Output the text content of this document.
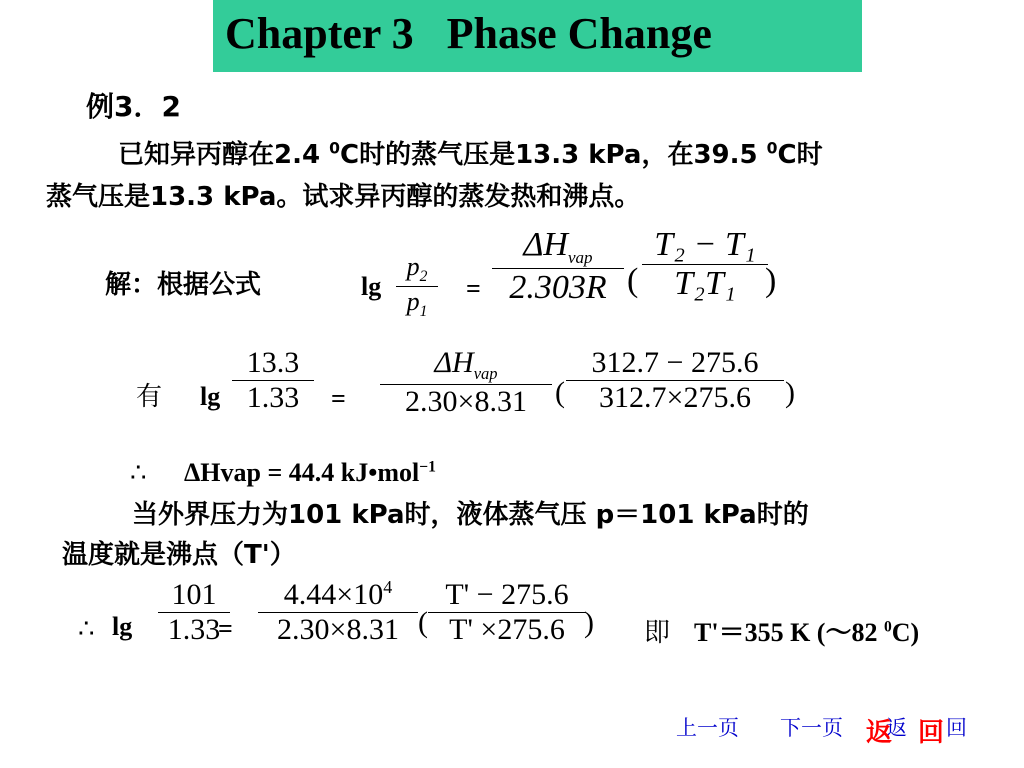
Chapter 3   Phase Change
例3．2
已知异丙醇在2.4 $^0$C时的蒸气压是13.3 kPa，在39.5 $^0$C时
蒸气压是13.3 kPa。试求异丙醇的蒸发热和沸点。
解：根据公式	$\lg \frac{p_2}{p_1}$ =
$\Delta H_{vap}$
2.303R ( $\frac{\text{T₂ − T₁}}{\text{T₂T₁}}$
)
有 $\lg \frac{13.3}{1.33}$ =
$\Delta H_{vap}$
2.30×8.31 ( $\frac{312.7 - 275.6}{312.7\times 275.6}$ )
∴ ΔHvap = 44.4 kJ•mol$^{-1}$
当外界压力为101 kPa时，液体蒸气压 p＝101 kPa时的
温度就是沸点（T'）
∴ $\lg \frac{101}{1.33}$
= $\frac{4.44\times 10^4}{2.30\times 8.31}$ ( $\frac{T' - 275.6}{T' \times 275.6}$
) 即 T'＝355 K (～82 $^0$C)
上一页 下一页 返
返 回 回
